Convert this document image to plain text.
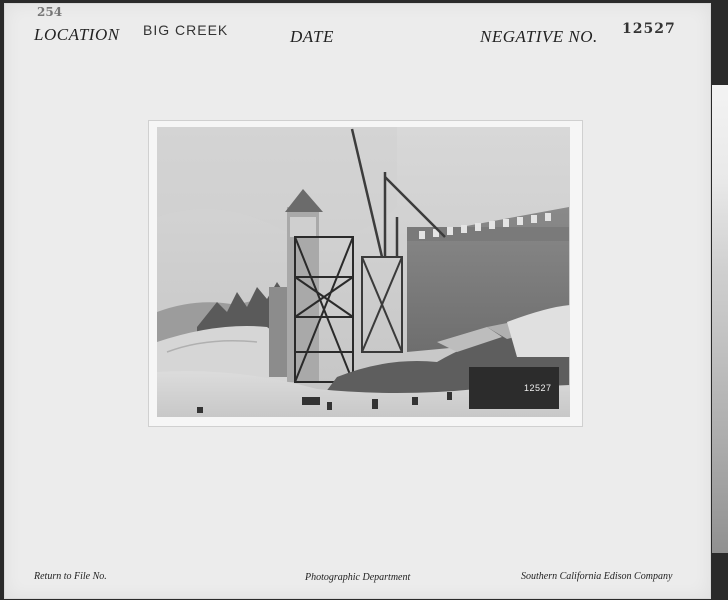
254
LOCATION BIG CREEK	DATE	NEGATIVE NO. 12527
12527
Return to File No.	Photographic Department	Southern California Edison Company
